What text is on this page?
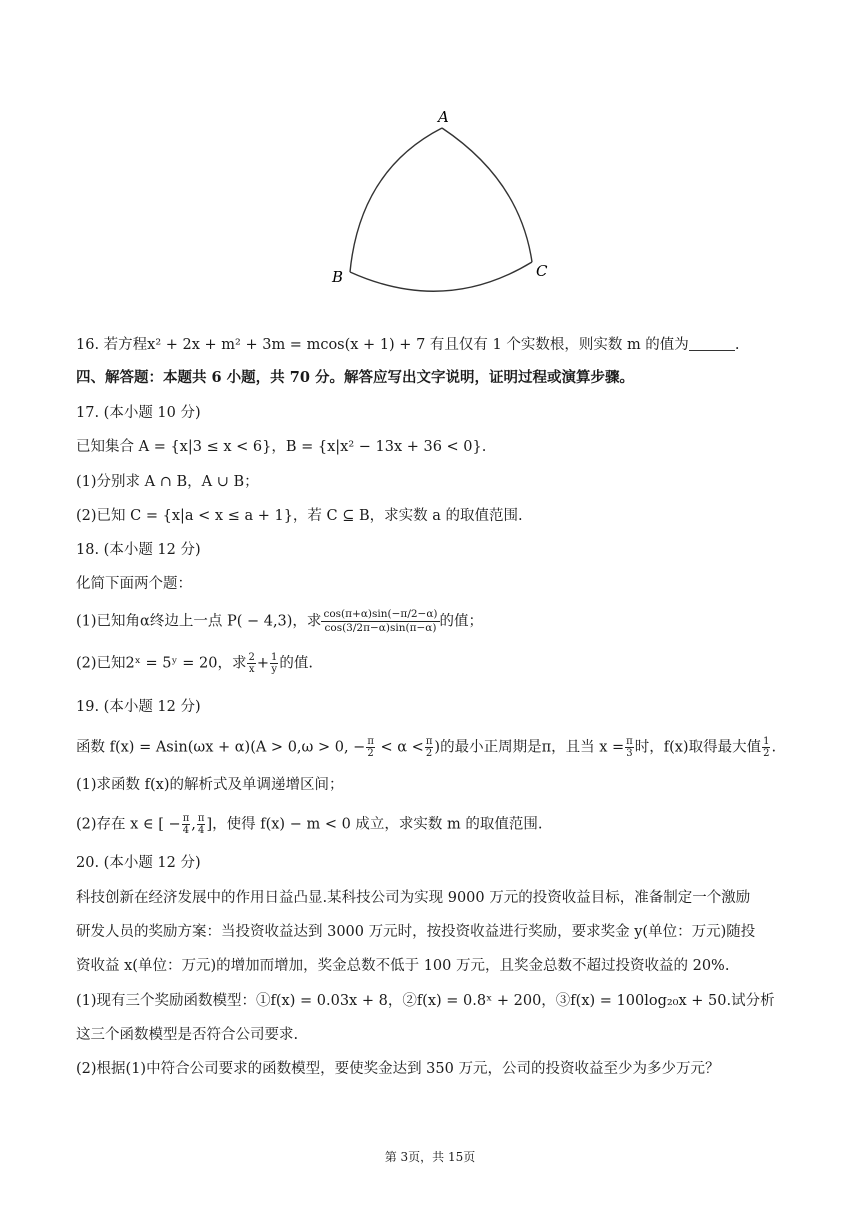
A
B	C
16. 若方程x² + 2x + m² + 3m = mcos(x + 1) + 7 有且仅有 1 个实数根，则实数 m 的值为	.
四、解答题：本题共 6 小题，共 70 分。解答应写出文字说明，证明过程或演算步骤。
17. (本小题 10 分)
已知集合 A = {x|3 ≤ x < 6}，B = {x|x² − 13x + 36 < 0}.
(1)分别求 A ∩ B，A ∪ B；
(2)已知 C = {x|a < x ≤ a + 1}，若 C ⊆ B，求实数 a 的取值范围.
18. (本小题 12 分)
化简下面两个题：
(1)已知角α终边上一点 P( − 4,3)，求 $\frac{\cos(\pi+\alpha)\sin(-\pi/2-\alpha)}{\cos(3/2\pi-\alpha)\sin(\pi-\alpha)}$ 的值；
(2)已知2ˣ = 5ʸ = 20，求 $\frac{2}{x} + \frac{1}{y}$ 的值.
19. (本小题 12 分)
函数 f(x) = Asin(ωx + α)(A > 0,ω > 0, − $\frac{\pi}{2} < \alpha < \frac{\pi}{2}$ )的最小正周期是π，且当 $x = \frac{\pi}{3}$ 时，f(x)取得最大值 $\frac{1}{2}$ .
(1)求函数 f(x)的解析式及单调递增区间；
(2)存在 x ∈ [ − $\frac{\pi}{4}$ , $\frac{\pi}{4}$ ]，使得 f(x) − m < 0 成立，求实数 m 的取值范围.
20. (本小题 12 分)
科技创新在经济发展中的作用日益凸显.某科技公司为实现 9000 万元的投资收益目标，准备制定一个激励
研发人员的奖励方案：当投资收益达到 3000 万元时，按投资收益进行奖励，要求奖金 y(单位：万元)随投
资收益 x(单位：万元)的增加而增加，奖金总数不低于 100 万元，且奖金总数不超过投资收益的 20%.
(1)现有三个奖励函数模型：①f(x) = 0.03x + 8，②f(x) = 0.8ˣ + 200，③f(x) = 100log₂₀x + 50.试分析
这三个函数模型是否符合公司要求.
(2)根据(1)中符合公司要求的函数模型，要使奖金达到 350 万元，公司的投资收益至少为多少万元？
第 3页，共 15页
